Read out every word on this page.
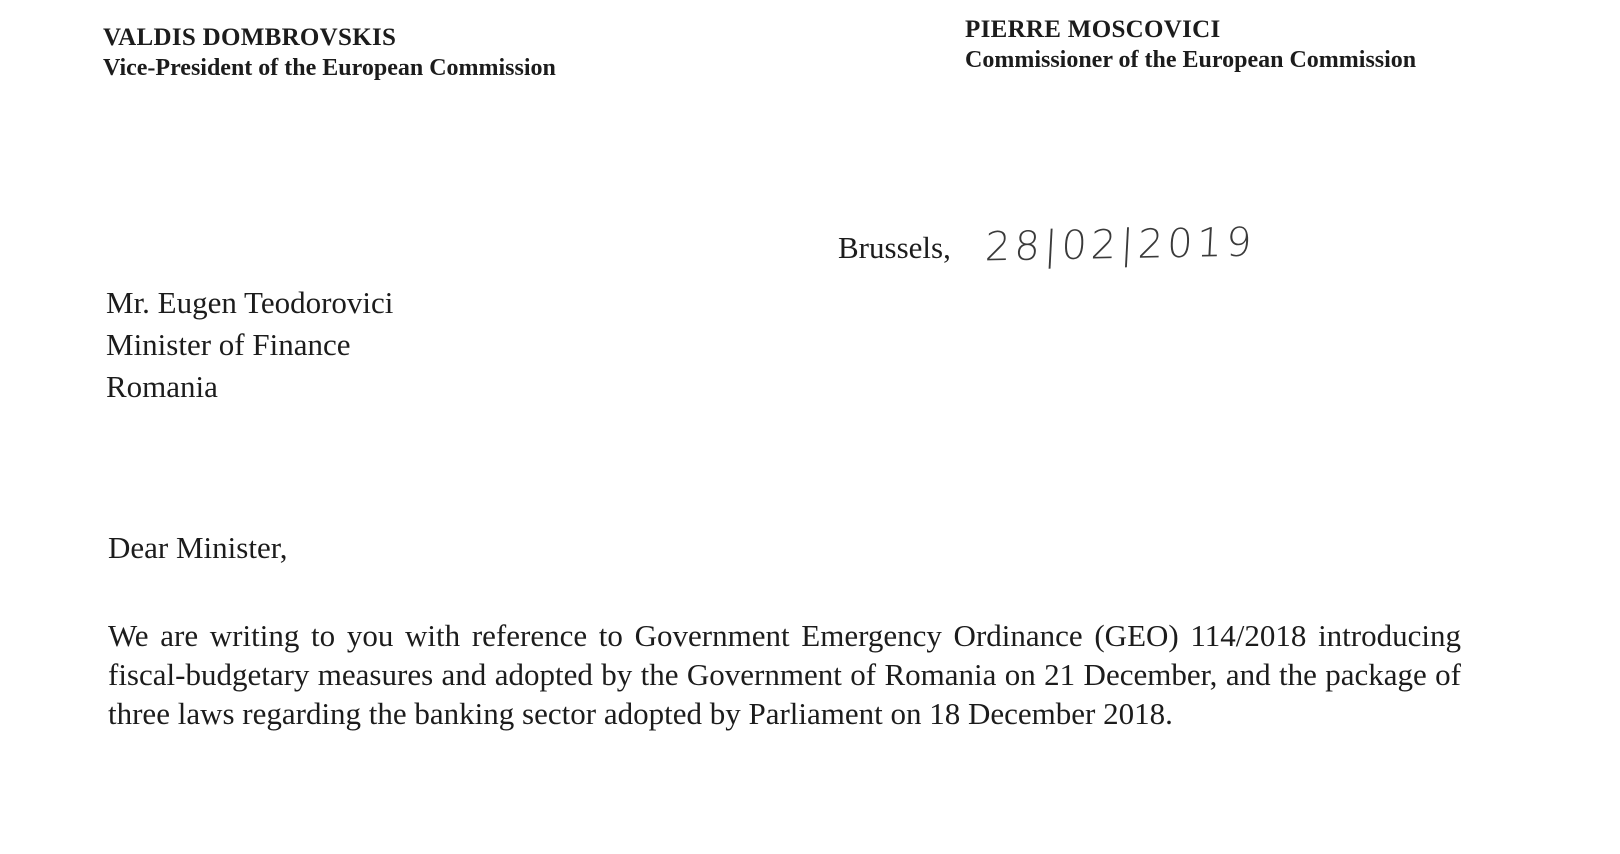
VALDIS DOMBROVSKIS
Vice-President of the European Commission
PIERRE MOSCOVICI
Commissioner of the European Commission
Brussels, 28|02|2019
Mr. Eugen Teodorovici
Minister of Finance
Romania
Dear Minister,

We are writing to you with reference to Government Emergency Ordinance (GEO) 114/2018 introducing fiscal-budgetary measures and adopted by the Government of Romania on 21 December, and the package of three laws regarding the banking sector adopted by Parliament on 18 December 2018.
